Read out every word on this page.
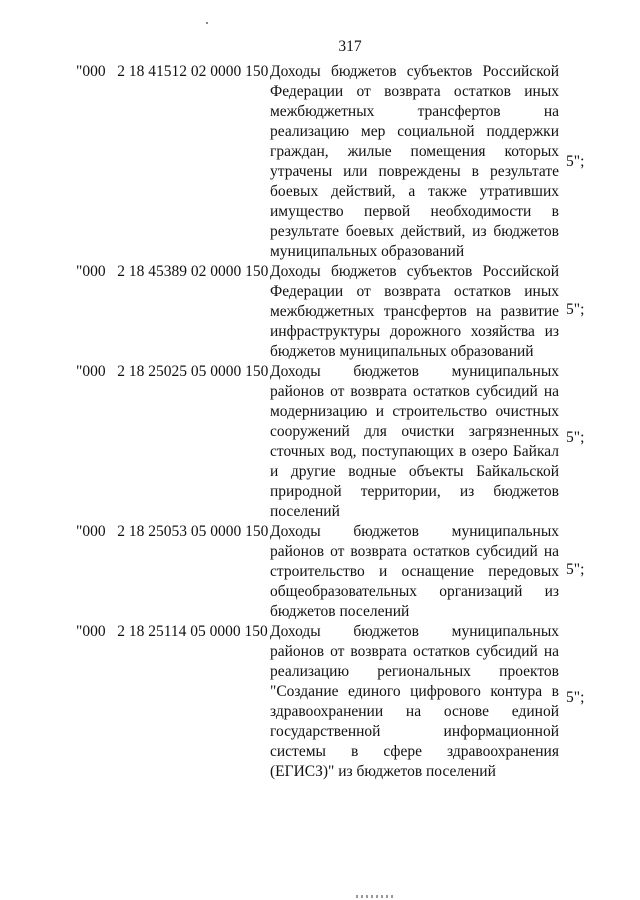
317
"000   2 18 41512 02 0000 150 Доходы бюджетов субъектов Российской Федерации от возврата остатков иных межбюджетных трансфертов на реализацию мер социальной поддержки граждан, жилые помещения которых утрачены или повреждены в результате боевых действий, а также утративших имущество первой необходимости в результате боевых действий, из бюджетов муниципальных образований
5";
"000   2 18 45389 02 0000 150 Доходы бюджетов субъектов Российской Федерации от возврата остатков иных межбюджетных трансфертов на развитие инфраструктуры дорожного хозяйства из бюджетов муниципальных образований
5";
"000   2 18 25025 05 0000 150 Доходы бюджетов муниципальных районов от возврата остатков субсидий на модернизацию и строительство очистных сооружений для очистки загрязненных сточных вод, поступающих в озеро Байкал и другие водные объекты Байкальской природной территории, из бюджетов поселений
5";
"000   2 18 25053 05 0000 150 Доходы бюджетов муниципальных районов от возврата остатков субсидий на строительство и оснащение передовых общеобразовательных организаций из бюджетов поселений
5";
"000   2 18 25114 05 0000 150 Доходы бюджетов муниципальных районов от возврата остатков субсидий на реализацию региональных проектов "Создание единого цифрового контура в здравоохранении на основе единой государственной информационной системы в сфере здравоохранения (ЕГИСЗ)" из бюджетов поселений
5";
